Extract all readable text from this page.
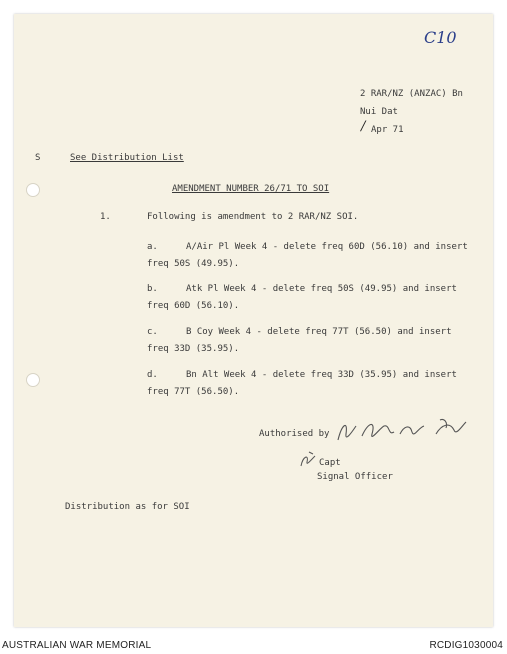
C10
2 RAR/NZ (ANZAC) Bn
Nui Dat
Apr 71
/
S	See Distribution List
AMENDMENT NUMBER 26/71 TO SOI
1.	Following is amendment to 2 RAR/NZ SOI.
a.	A/Air Pl Week 4 - delete freq 60D (56.10) and insert
freq 50S (49.95).
b.	Atk Pl Week 4 - delete freq 50S (49.95) and insert
freq 60D (56.10).
c.	B Coy Week 4 - delete freq 77T (56.50) and insert
freq 33D (35.95).
d.	Bn Alt Week 4 - delete freq 33D (35.95) and insert
freq 77T (56.50).
Authorised by
Capt
Signal Officer
Distribution as for SOI
AUSTRALIAN WAR MEMORIAL	RCDIG1030004
